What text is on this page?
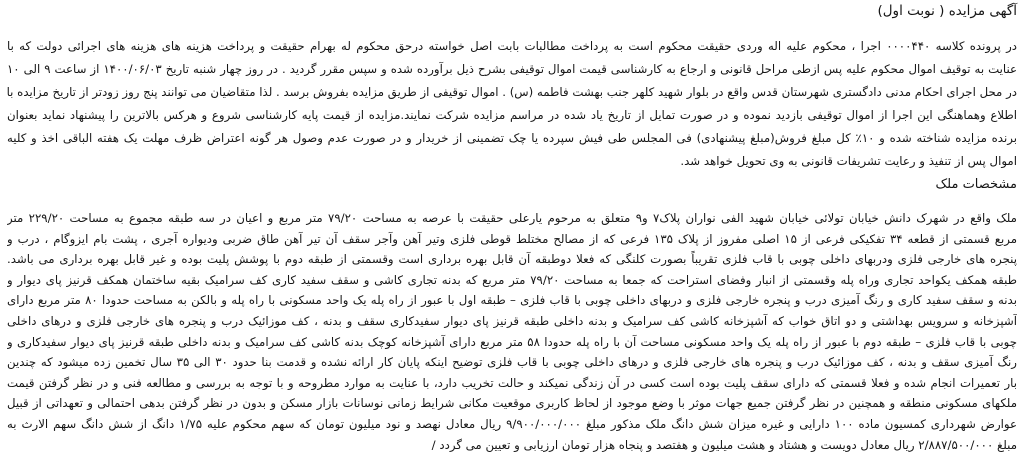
آگهی مزایده ( نوبت اول)
در پرونده کلاسه ۰۰۰۰۴۴۰ اجرا ، محکوم علیه اله وردی حقیقت محکوم است به پرداخت مطالبات بابت اصل خواسته درحق محکوم له بهرام حقیقت و پرداخت هزینه های هزینه های اجرائی دولت که با
عنایت به توقیف اموال محکوم علیه پس ازطی مراحل قانونی و ارجاع به کارشناسی قیمت اموال توقیفی بشرح ذیل برآورده شده و سپس مقرر گردید . در روز چهار شنبه تاریخ ۱۴۰۰/۰۶/۰۳ از ساعت ۹ الی ۱۰
در محل اجرای احکام مدنی دادگستری شهرستان قدس واقع در بلوار شهید کلهر جنب بهشت فاطمه (س) . اموال توقیفی از طریق مزایده بفروش برسد . لذا متقاضیان می توانند پنج روز زودتر از تاریخ مزایده با
اطلاع وهماهنگی این اجرا از اموال توقیفی بازدید نموده و در صورت تمایل از تاریخ یاد شده در مراسم مزایده شرکت نمایند.مزایده از قیمت پایه کارشناسی شروع و هرکس بالاترین را پیشنهاد نماید بعنوان
برنده مزایده شناخته شده و ۱۰٪ کل مبلغ فروش(مبلغ پیشنهادی) فی المجلس طی فیش سپرده یا چک تضمینی از خریدار و در صورت عدم وصول هر گونه اعتراض ظرف مهلت یک هفته الباقی اخذ و کلیه
اموال پس از تنفیذ و رعایت تشریفات قانونی به وی تحویل خواهد شد.
مشخصات ملک
ملک واقع در شهرک دانش خیابان تولائی خیابان شهید الفی نواران پلاک۷ و۹ متعلق به مرحوم یارعلی حقیقت با عرصه به مساحت ۷۹/۲۰ متر مربع و اعیان در سه طبقه مجموع به مساحت ۲۲۹/۲۰ متر
مربع قسمتی از قطعه ۳۴ تفکیکی فرعی از ۱۵ اصلی مفروز از پلاک ۱۳۵ فرعی که از مصالح مختلط قوطی فلزی وتیر آهن وآجر سقف آن تیر آهن طاق ضربی ودیواره آجری ، پشت بام ایزوگام ، درب و
پنجره های خارجی فلزی ودربهای داخلی چوبی با قاب فلزی تقریباً بصورت کلنگی که فعلا دوطبقه آن قابل بهره برداری است وقسمتی از طبقه دوم با پوشش پلیت بوده و غیر قابل بهره برداری می باشد.
طبقه همکف یکواحد تجاری وراه پله وقسمتی از انبار وفضای استراحت که جمعا به مساحت ۷۹/۲۰ متر مربع که بدنه تجاری کاشی و سقف سفید کاری کف سرامیک بقیه ساختمان همکف قرنیز پای دیوار و
بدنه و سقف سفید کاری و رنگ آمیزی درب و پنجره خارجی فلزی و دربهای داخلی چوبی با قاب فلزی – طبقه اول با عبور از راه پله یک واحد مسکونی با راه پله و بالکن به مساحت حدودا ۸۰ متر مربع دارای
آشپزخانه و سرویس بهداشتی و دو اتاق خواب که آشپزخانه کاشی کف سرامیک و بدنه داخلی طبقه قرنیز پای دیوار سفیدکاری سقف و بدنه ، کف موزائیک درب و پنجره های خارجی فلزی و درهای داخلی
چوبی با قاب فلزی – طبقه دوم با عبور از راه پله یک واحد مسکونی مساحت آن با راه پله حدودا ۵۸ متر مربع دارای آشپزخانه کوچک بدنه کاشی کف سرامیک و بدنه داخلی طبقه قرنیز پای دیوار سفیدکاری و
رنگ آمیزی سقف و بدنه ، کف موزائیک درب و پنجره های خارجی فلزی و درهای داخلی چوبی با قاب فلزی توضیح اینکه پایان کار ارائه نشده و قدمت بنا حدود ۳۰ الی ۳۵ سال تخمین زده میشود که چندین
بار تعمیرات انجام شده و فعلا قسمتی که دارای سقف پلیت بوده است کسی در آن زندگی نمیکند و حالت تخریب دارد، با عنایت به موارد مطروحه و با توجه به بررسی و مطالعه فنی و در نظر گرفتن قیمت
ملکهای مسکونی منطقه و همچنین در نظر گرفتن جمیع جهات موثر با وضع موجود از لحاظ کاربری موقعیت مکانی شرایط زمانی نوسانات بازار مسکن و بدون در نظر گرفتن بدهی احتمالی و تعهداتی از قبیل
عوارض شهرداری کمسیون ماده ۱۰۰ دارایی و غیره میزان شش دانگ ملک مذکور مبلغ ۹/۹۰۰/۰۰۰/۰۰۰ ریال معادل نهصد و نود میلیون تومان که سهم محکوم علیه ۱/۷۵ دانگ از شش دانگ سهم الارث به
مبلغ ۲/۸۸۷/۵۰۰/۰۰۰ ریال معادل دویست و هشتاد و هشت میلیون و هفتصد و پنجاه هزار تومان ارزیابی و تعیین می گردد /
